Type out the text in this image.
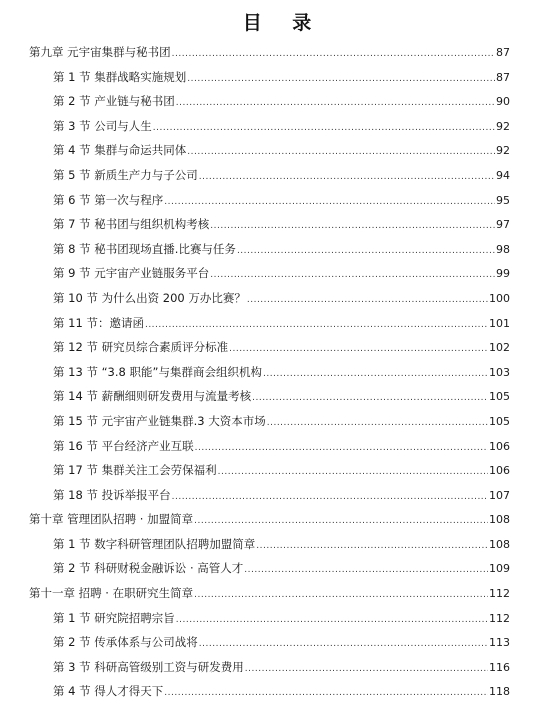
目 录
第九章 元宇宙集群与秘书团 .....	87
第 1 节 集群战略实施规划 .....	87
第 2 节 产业链与秘书团 .....	90
第 3 节 公司与人生 .....	92
第 4 节 集群与命运共同体 .....	92
第 5 节 新质生产力与子公司 .....	94
第 6 节 第一次与程序 .....	95
第 7 节 秘书团与组织机构考核 .....	97
第 8 节 秘书团现场直播.比赛与任务 .....	98
第 9 节 元宇宙产业链服务平台 .....	99
第 10 节 为什么出资 200 万办比赛？ .....	100
第 11 节：邀请函 .....	101
第 12 节 研究员综合素质评分标准 .....	102
第 13 节 “3.8 职能”与集群商会组织机构 .....	103
第 14 节 薪酬细则研发费用与流量考核 .....	105
第 15 节 元宇宙产业链集群.3 大资本市场 .....	105
第 16 节 平台经济产业互联 .....	106
第 17 节 集群关注工会劳保福利 .....	106
第 18 节 投诉举报平台 .....	107
第十章 管理团队招聘 · 加盟简章 .....	108
第 1 节 数字科研管理团队招聘加盟简章 .....	108
第 2 节 科研财税金融诉讼 · 高管人才 .....	109
第十一章 招聘 · 在职研究生简章 .....	112
第 1 节 研究院招聘宗旨 .....	112
第 2 节 传承体系与公司战将 .....	113
第 3 节 科研高管级别工资与研发费用 .....	116
第 4 节 得人才得天下 .....	118
